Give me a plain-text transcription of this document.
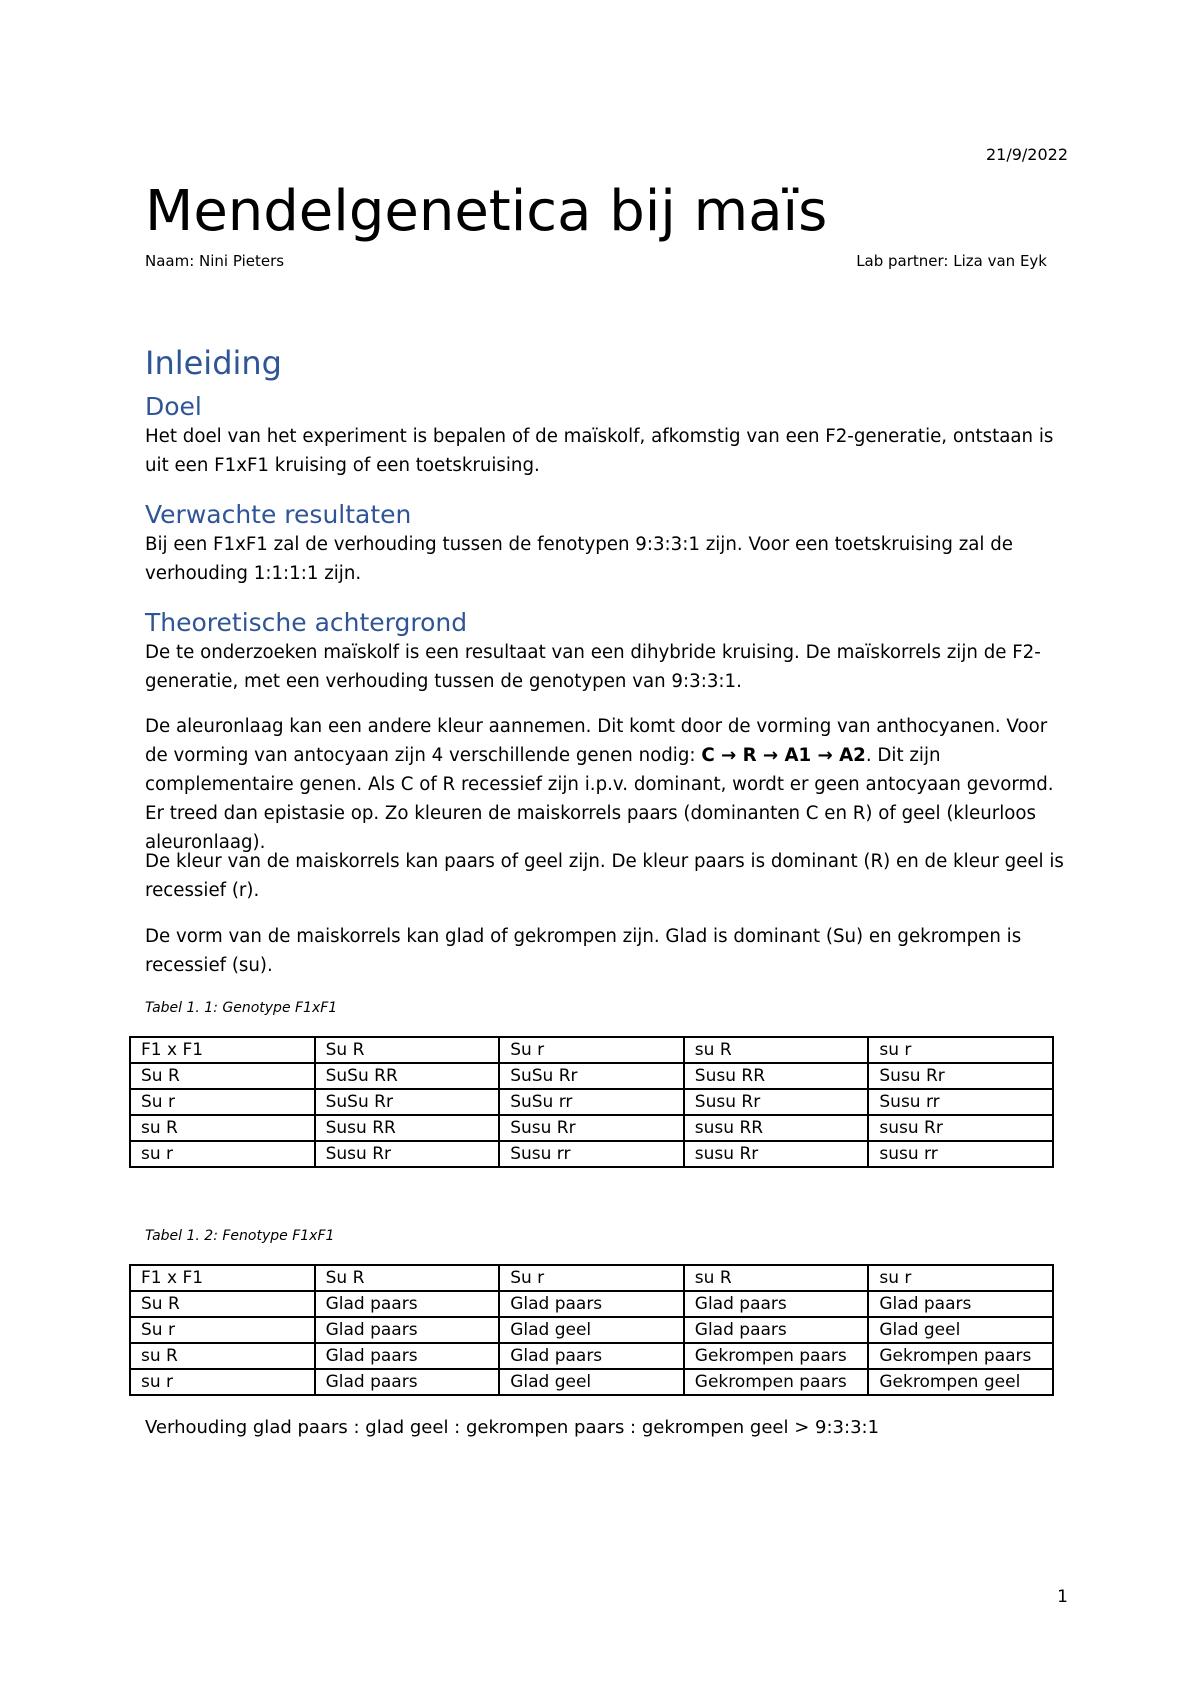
21/9/2022
Mendelgenetica bij maïs
Naam: Nini Pieters	Lab partner: Liza van Eyk
Inleiding
Doel

Het doel van het experiment is bepalen of de maïskolf, afkomstig van een F2-generatie, ontstaan is uit een F1xF1 kruising of een toetskruising.

Verwachte resultaten

Bij een F1xF1 zal de verhouding tussen de fenotypen 9:3:3:1 zijn. Voor een toetskruising zal de verhouding 1:1:1:1 zijn.

Theoretische achtergrond

De te onderzoeken maïskolf is een resultaat van een dihybride kruising. De maïskorrels zijn de F2-generatie, met een verhouding tussen de genotypen van 9:3:3:1.

De aleuronlaag kan een andere kleur aannemen. Dit komt door de vorming van anthocyanen. Voor de vorming van antocyaan zijn 4 verschillende genen nodig: C → R → A1 → A2. Dit zijn complementaire genen. Als C of R recessief zijn i.p.v. dominant, wordt er geen antocyaan gevormd. Er treed dan epistasie op. Zo kleuren de maiskorrels paars (dominanten C en R) of geel (kleurloos aleuronlaag).

De kleur van de maiskorrels kan paars of geel zijn. De kleur paars is dominant (R) en de kleur geel is recessief (r).

De vorm van de maiskorrels kan glad of gekrompen zijn. Glad is dominant (Su) en gekrompen is recessief (su).

Tabel 1. 1: Genotype F1xF1

F1 x F1	Su R	Su r	su R	su r
Su R	SuSu RR	SuSu Rr	Susu RR	Susu Rr
Su r	SuSu Rr	SuSu rr	Susu Rr	Susu rr
su R	Susu RR	Susu Rr	susu RR	susu Rr
su r	Susu Rr	Susu rr	susu Rr	susu rr

Tabel 1. 2: Fenotype F1xF1

F1 x F1	Su R	Su r	su R	su r
Su R	Glad paars	Glad paars	Glad paars	Glad paars
Su r	Glad paars	Glad geel	Glad paars	Glad geel
su R	Glad paars	Glad paars	Gekrompen paars	Gekrompen paars
su r	Glad paars	Glad geel	Gekrompen paars	Gekrompen geel
Verhouding glad paars : glad geel : gekrompen paars : gekrompen geel > 9:3:3:1
1
